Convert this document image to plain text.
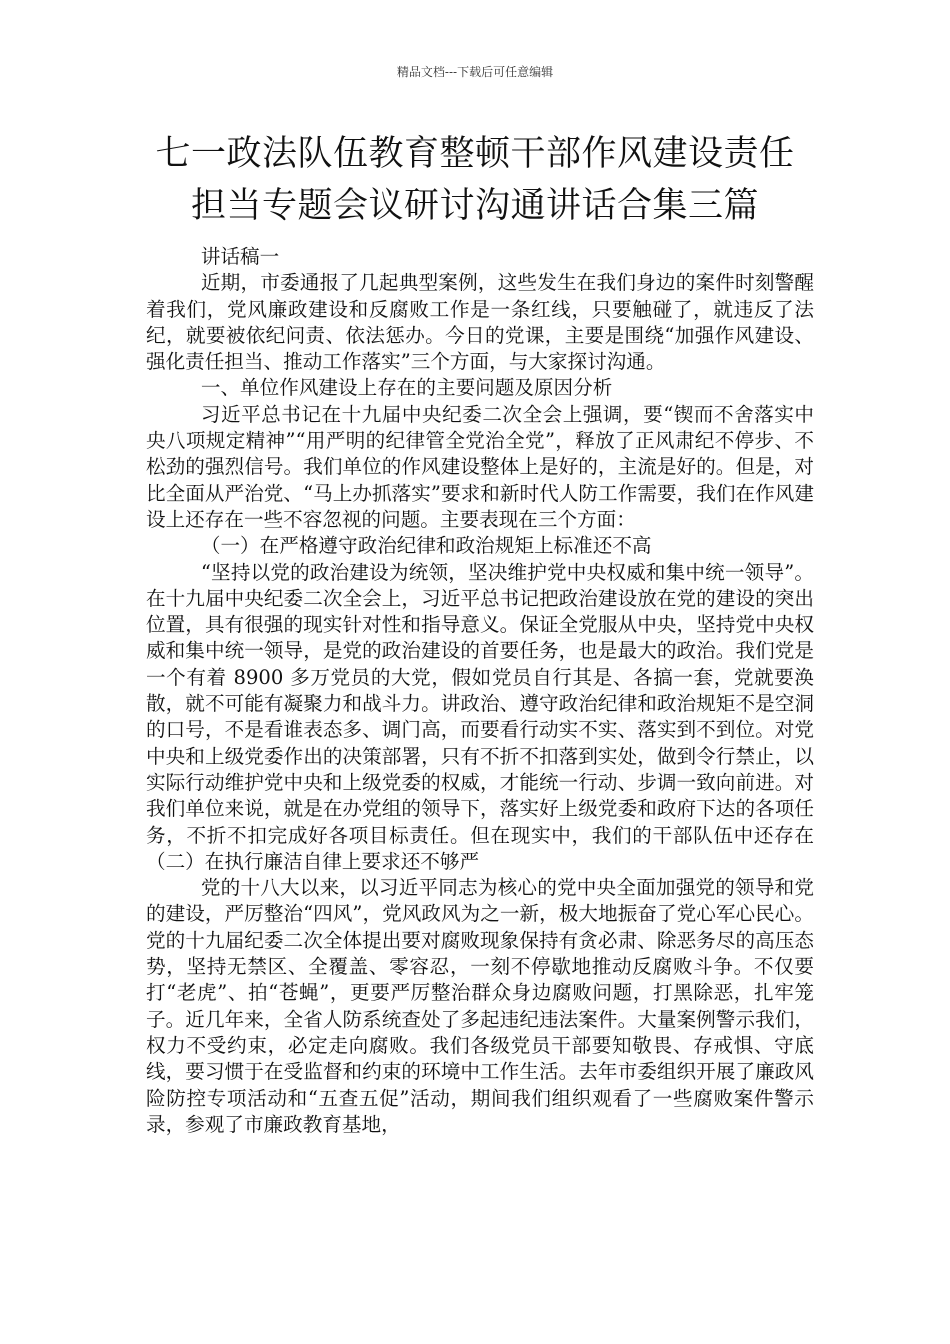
精品文档---下载后可任意编辑
七一政法队伍教育整顿干部作风建设责任
担当专题会议研讨沟通讲话合集三篇

讲话稿一

近期，市委通报了几起典型案例，这些发生在我们身边的案件时刻警醒着我们，党风廉政建设和反腐败工作是一条红线，只要触碰了，就违反了法纪，就要被依纪问责、依法惩办。今日的党课，主要是围绕“加强作风建设、强化责任担当、推动工作落实”三个方面，与大家探讨沟通。

一、单位作风建设上存在的主要问题及原因分析

习近平总书记在十九届中央纪委二次全会上强调，要“锲而不舍落实中央八项规定精神”“用严明的纪律管全党治全党”，释放了正风肃纪不停步、不松劲的强烈信号。我们单位的作风建设整体上是好的，主流是好的。但是，对比全面从严治党、“马上办抓落实”要求和新时代人防工作需要，我们在作风建设上还存在一些不容忽视的问题。主要表现在三个方面：

（一）在严格遵守政治纪律和政治规矩上标准还不高

“坚持以党的政治建设为统领，坚决维护党中央权威和集中统一领导”。在十九届中央纪委二次全会上，习近平总书记把政治建设放在党的建设的突出位置，具有很强的现实针对性和指导意义。保证全党服从中央，坚持党中央权威和集中统一领导，是党的政治建设的首要任务，也是最大的政治。我们党是一个有着 8900 多万党员的大党，假如党员自行其是、各搞一套，党就要涣散，就不可能有凝聚力和战斗力。讲政治、遵守政治纪律和政治规矩不是空洞的口号，不是看谁表态多、调门高，而要看行动实不实、落实到不到位。对党中央和上级党委作出的决策部署，只有不折不扣落到实处，做到令行禁止，以实际行动维护党中央和上级党委的权威，才能统一行动、步调一致向前进。对我们单位来说，就是在办党组的领导下，落实好上级党委和政府下达的各项任务，不折不扣完成好各项目标责任。但在现实中，我们的干部队伍中还存在（二）在执行廉洁自律上要求还不够严

党的十八大以来，以习近平同志为核心的党中央全面加强党的领导和党的建设，严厉整治“四风”，党风政风为之一新，极大地振奋了党心军心民心。党的十九届纪委二次全体提出要对腐败现象保持有贪必肃、除恶务尽的高压态势，坚持无禁区、全覆盖、零容忍，一刻不停歇地推动反腐败斗争。不仅要打“老虎”、拍“苍蝇”，更要严厉整治群众身边腐败问题，打黑除恶，扎牢笼子。近几年来，全省人防系统查处了多起违纪违法案件。大量案例警示我们，权力不受约束，必定走向腐败。我们各级党员干部要知敬畏、存戒惧、守底线，要习惯于在受监督和约束的环境中工作生活。去年市委组织开展了廉政风险防控专项活动和“五查五促”活动，期间我们组织观看了一些腐败案件警示录，参观了市廉政教育基地，
